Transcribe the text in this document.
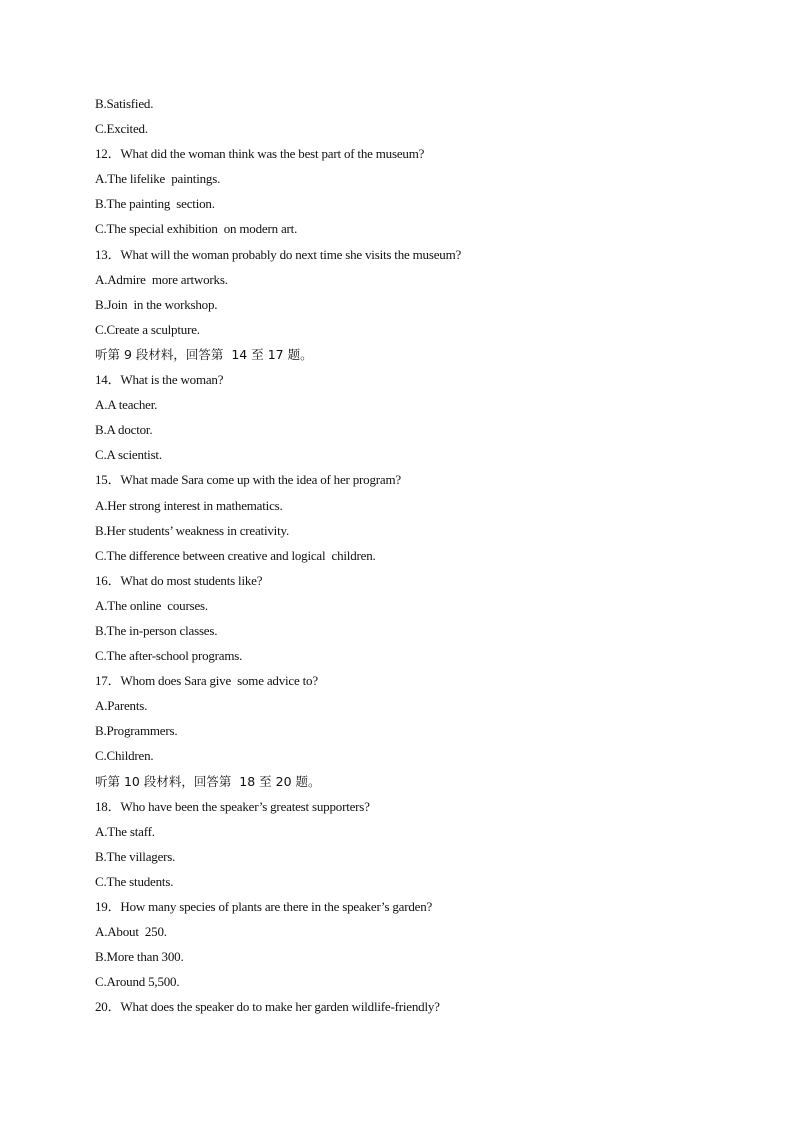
B.Satisfied.
C.Excited.
12．What did the woman think was the best part of the museum?
A.The lifelike  paintings.
B.The painting  section.
C.The special exhibition  on modern art.
13．What will the woman probably do next time she visits the museum?
A.Admire  more artworks.
B.Join  in the workshop.
C.Create a sculpture.
听第 9 段材料，回答第  14 至 17 题。
14．What is the woman?
A.A teacher.
B.A doctor.
C.A scientist.
15．What made Sara come up with the idea of her program?
A.Her strong interest in mathematics.
B.Her students’ weakness in creativity.
C.The difference between creative and logical  children.
16．What do most students like?
A.The online  courses.
B.The in-person classes.
C.The after-school programs.
17．Whom does Sara give  some advice to?
A.Parents.
B.Programmers.
C.Children.
听第 10 段材料，回答第  18 至 20 题。
18．Who have been the speaker’s greatest supporters?
A.The staff.
B.The villagers.
C.The students.
19．How many species of plants are there in the speaker’s garden?
A.About  250.
B.More than 300.
C.Around 5,500.
20．What does the speaker do to make her garden wildlife-friendly?
